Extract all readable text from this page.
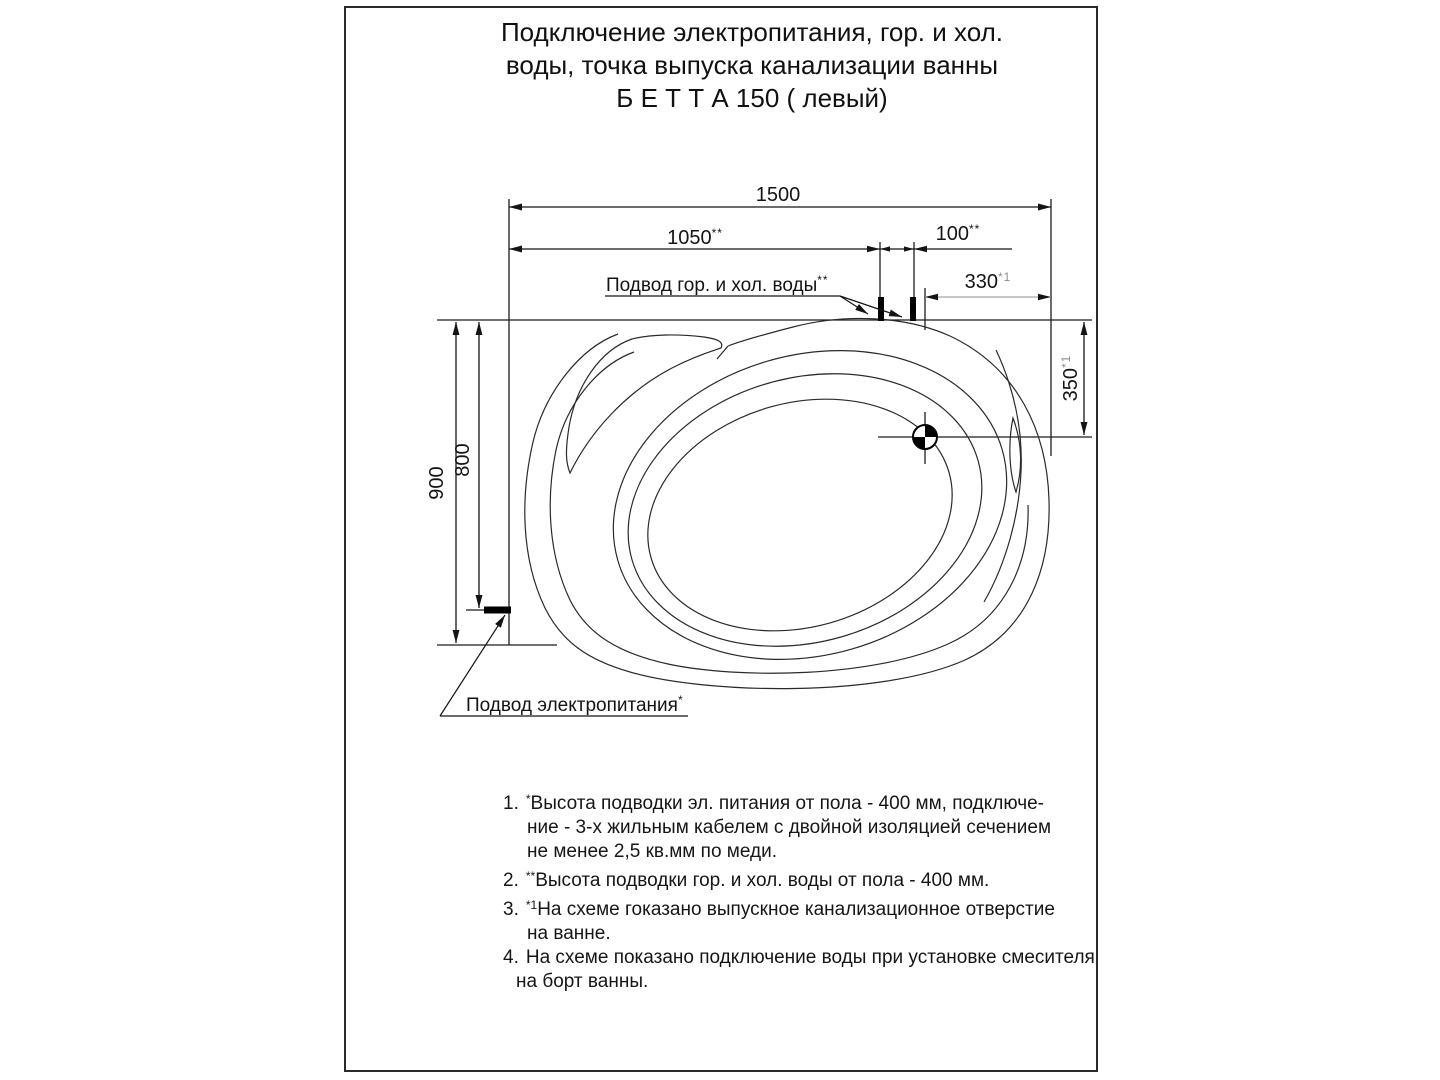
Подключение электропитания, гор. и хол.
воды, точка выпуска канализации ванны
Б Е Т Т А 150 ( левый)
1500
1050**	100**
330$^{*1}$
900
800
350$^{*1}$
Подвод гор. и хол. воды**
Подвод электропитания*
1. *Высота подводки эл. питания от пола - 400 мм, подключе-
ние - 3-х жильным кабелем с двойной изоляцией сечением
не менее 2,5 кв.мм по меди.
2. **Высота подводки гор. и хол. воды от пола - 400 мм.
3. $^{*1}$На схеме гоказано выпускное канализационное отверстие
на ванне.
4. На схеме показано подключение воды при установке смесителя
на борт ванны.
